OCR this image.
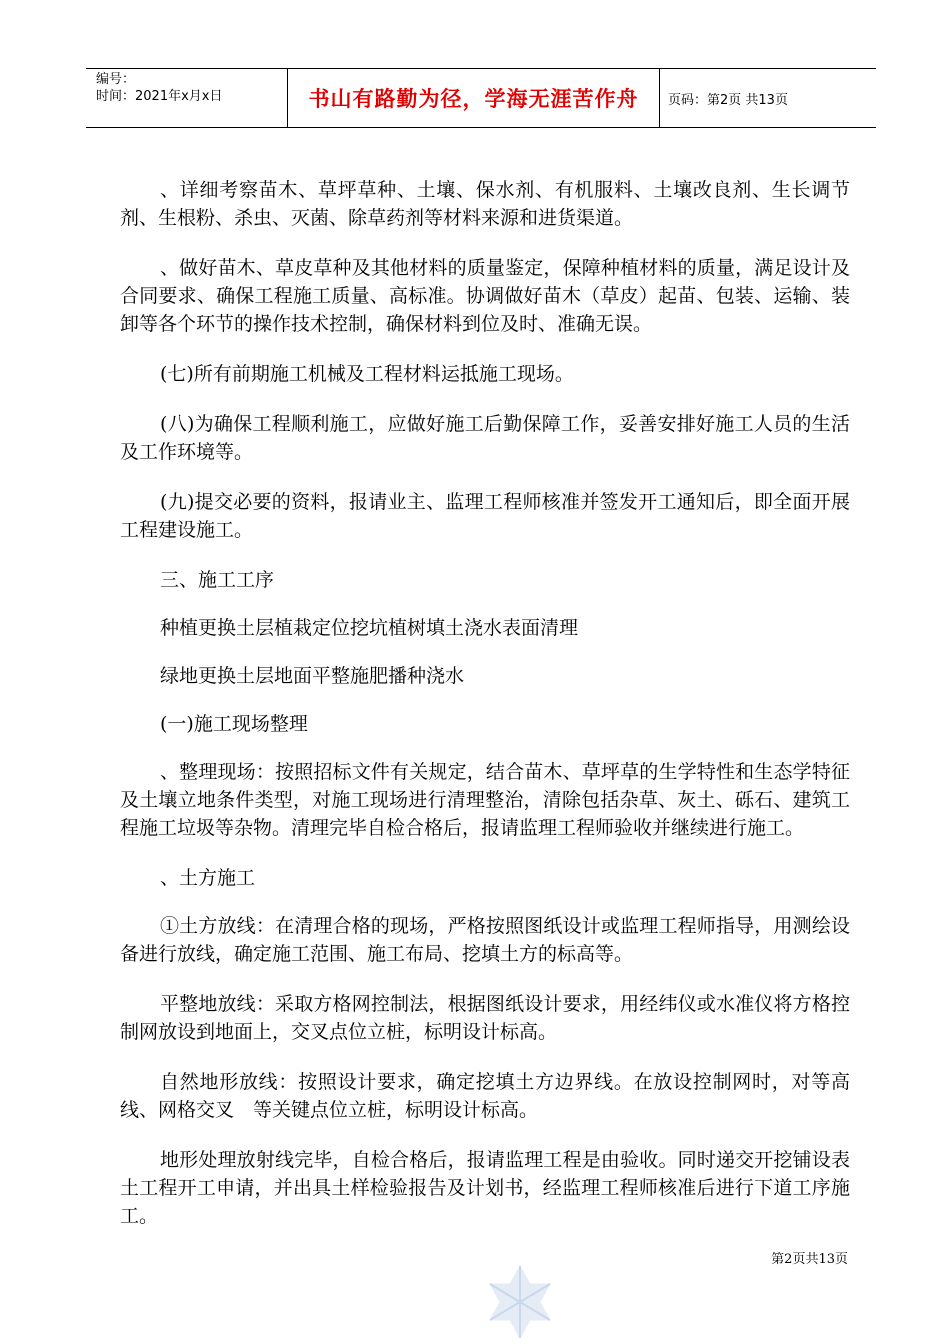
编号：
时间：2021年x月x日	书山有路勤为径，学海无涯苦作舟	页码：第2页 共13页

、详细考察苗木、草坪草种、土壤、保水剂、有机服料、土壤改良剂、生长调节剂、生根粉、杀虫、灭菌、除草药剂等材料来源和进货渠道。

、做好苗木、草皮草种及其他材料的质量鉴定，保障种植材料的质量，满足设计及合同要求、确保工程施工质量、高标准。协调做好苗木（草皮）起苗、包装、运输、装卸等各个环节的操作技术控制，确保材料到位及时、准确无误。

(七)所有前期施工机械及工程材料运抵施工现场。

(八)为确保工程顺利施工，应做好施工后勤保障工作，妥善安排好施工人员的生活及工作环境等。

(九)提交必要的资料，报请业主、监理工程师核准并签发开工通知后，即全面开展工程建设施工。

三、施工工序

种植更换土层植栽定位挖坑植树填土浇水表面清理

绿地更换土层地面平整施肥播种浇水

(一)施工现场整理

、整理现场：按照招标文件有关规定，结合苗木、草坪草的生学特性和生态学特征及土壤立地条件类型，对施工现场进行清理整治，清除包括杂草、灰土、砾石、建筑工程施工垃圾等杂物。清理完毕自检合格后，报请监理工程师验收并继续进行施工。

、土方施工

①土方放线：在清理合格的现场，严格按照图纸设计或监理工程师指导，用测绘设备进行放线，确定施工范围、施工布局、挖填土方的标高等。

平整地放线：采取方格网控制法，根据图纸设计要求，用经纬仪或水准仪将方格控制网放设到地面上，交叉点位立桩，标明设计标高。

自然地形放线：按照设计要求，确定挖填土方边界线。在放设控制网时，对等高线、网格交叉　等关键点位立桩，标明设计标高。

地形处理放射线完毕，自检合格后，报请监理工程是由验收。同时递交开挖铺设表土工程开工申请，并出具土样检验报告及计划书，经监理工程师核准后进行下道工序施工。

第2页共13页
